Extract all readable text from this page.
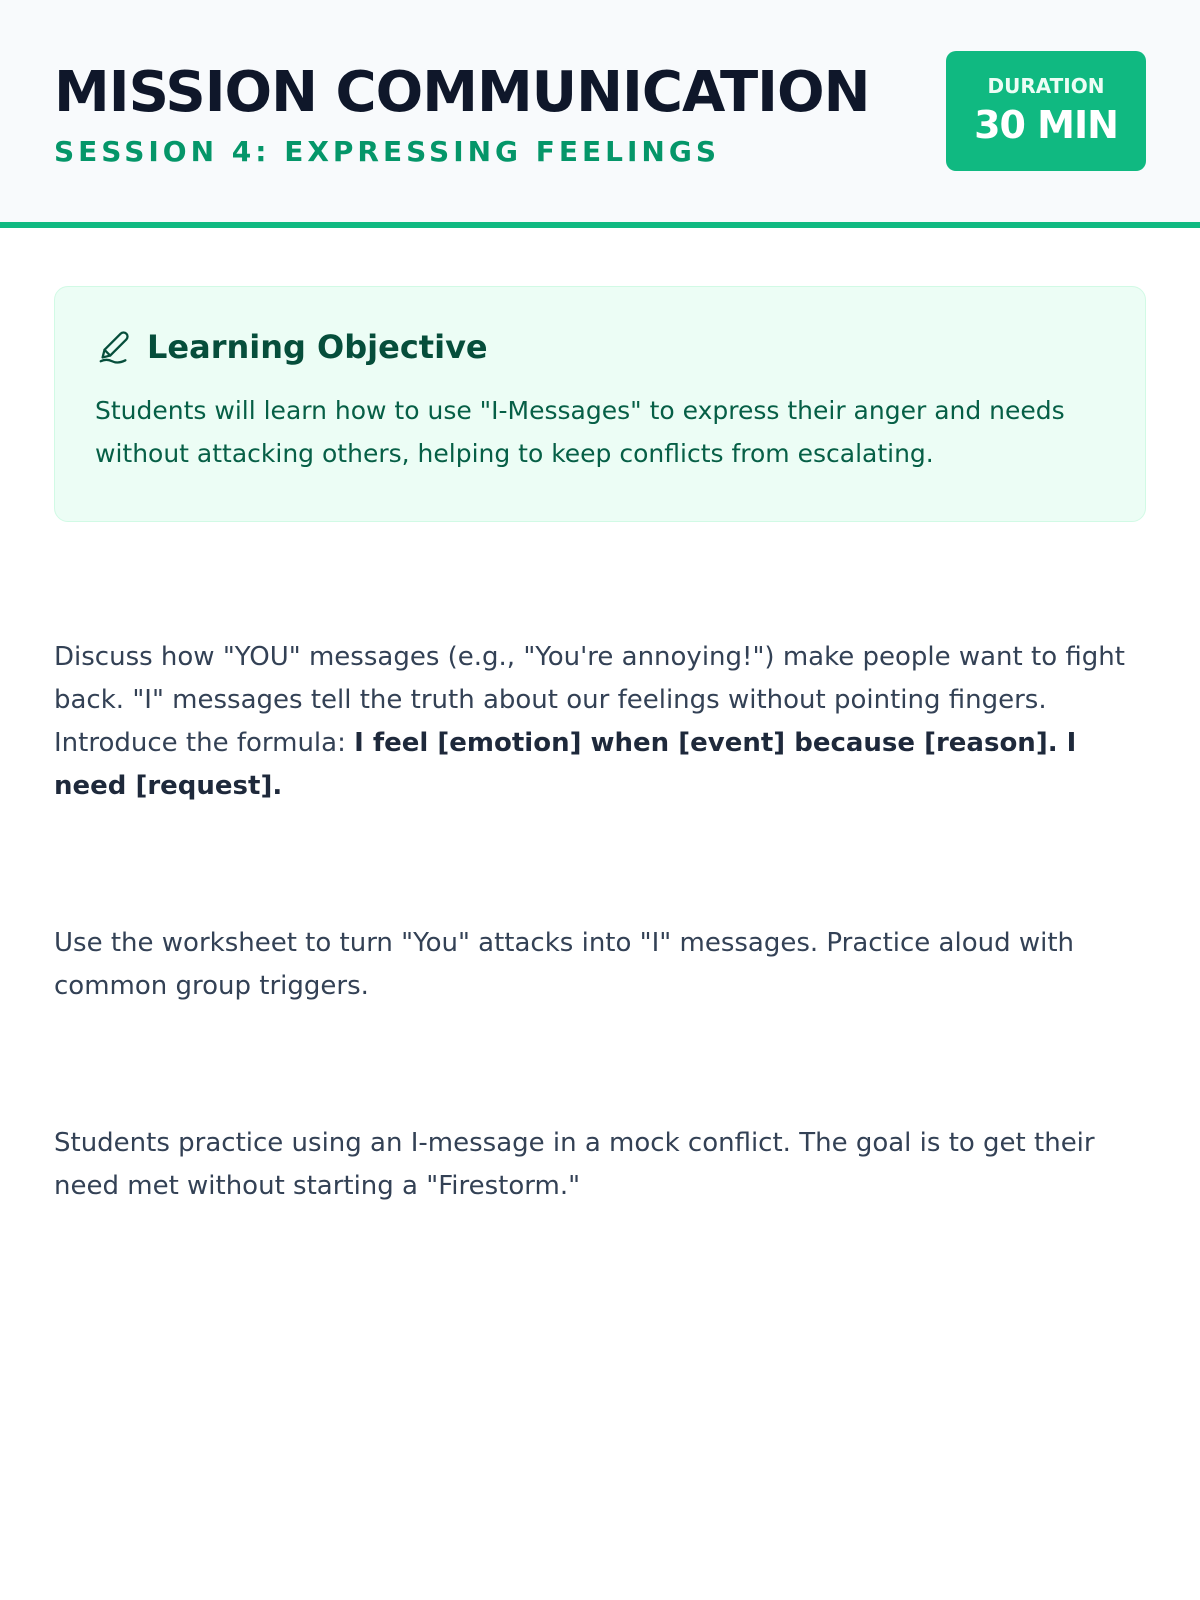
MISSION COMMUNICATION
SESSION 4: EXPRESSING FEELINGS
DURATION
30 MIN
Learning Objective

Students will learn how to use "I-Messages" to express their anger and needs without attacking others, helping to keep conflicts from escalating.

Discuss how "YOU" messages (e.g., "You're annoying!") make people want to fight back. "I" messages tell the truth about our feelings without pointing fingers. Introduce the formula: I feel [emotion] when [event] because [reason]. I need [request].

Use the worksheet to turn "You" attacks into "I" messages. Practice aloud with common group triggers.

Students practice using an I-message in a mock conflict. The goal is to get their need met without starting a "Firestorm."
